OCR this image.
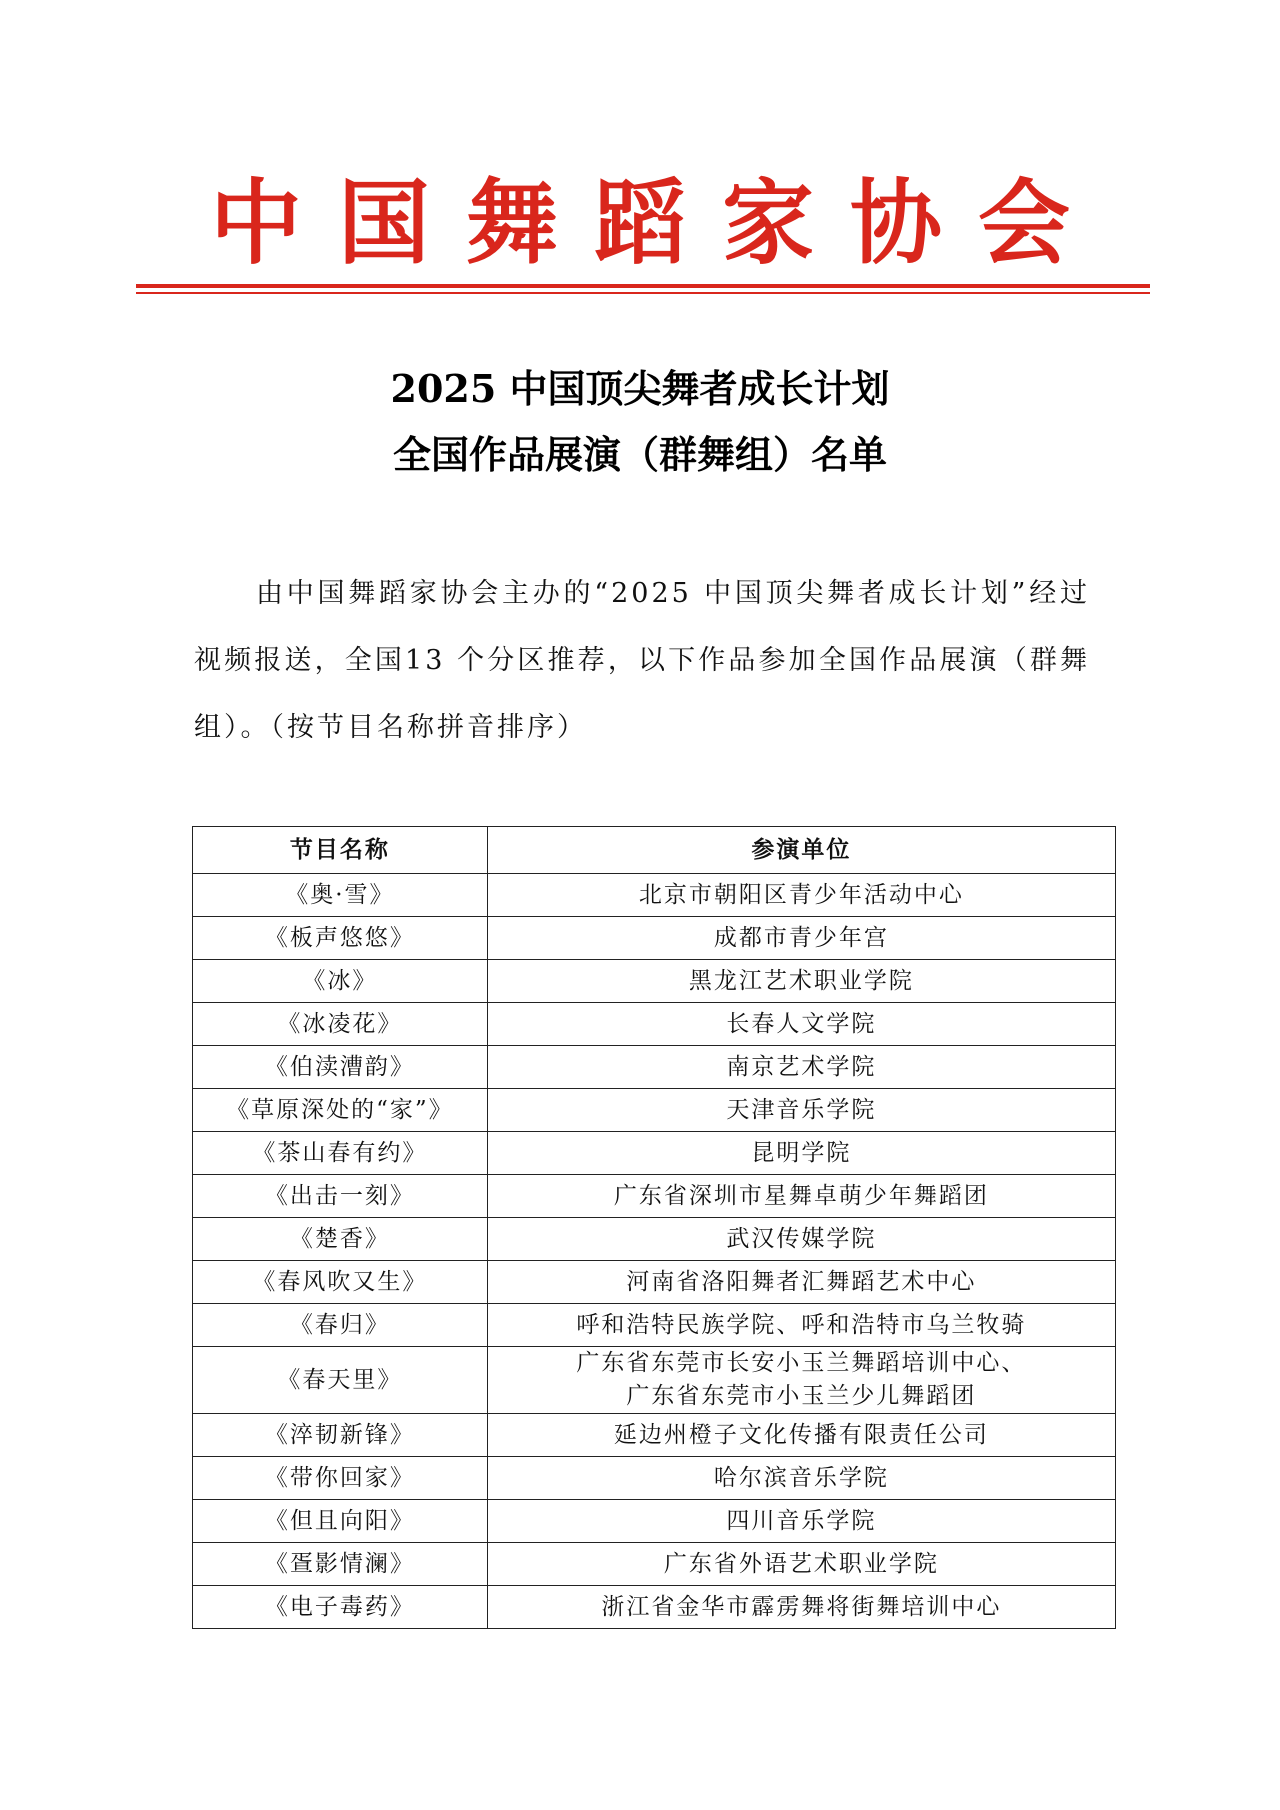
中国舞蹈家协会
2025 中国顶尖舞者成长计划
全国作品展演（群舞组）名单
由中国舞蹈家协会主办的“2025 中国顶尖舞者成长计划”经过视频报送，全国13 个分区推荐，以下作品参加全国作品展演（群舞组）。（按节目名称拼音排序）
节目名称	参演单位
《奥·雪》	北京市朝阳区青少年活动中心
《板声悠悠》	成都市青少年宫
《冰》	黑龙江艺术职业学院
《冰凌花》	长春人文学院
《伯渎漕韵》	南京艺术学院
《草原深处的“家”》	天津音乐学院
《茶山春有约》	昆明学院
《出击一刻》	广东省深圳市星舞卓萌少年舞蹈团
《楚香》	武汉传媒学院
《春风吹又生》	河南省洛阳舞者汇舞蹈艺术中心
《春归》	呼和浩特民族学院、呼和浩特市乌兰牧骑
《春天里》	广东省东莞市长安小玉兰舞蹈培训中心、
广东省东莞市小玉兰少儿舞蹈团

《淬韧新锋》	延边州橙子文化传播有限责任公司
《带你回家》	哈尔滨音乐学院
《但且向阳》	四川音乐学院
《疍影情澜》	广东省外语艺术职业学院
《电子毒药》	浙江省金华市霹雳舞将街舞培训中心
